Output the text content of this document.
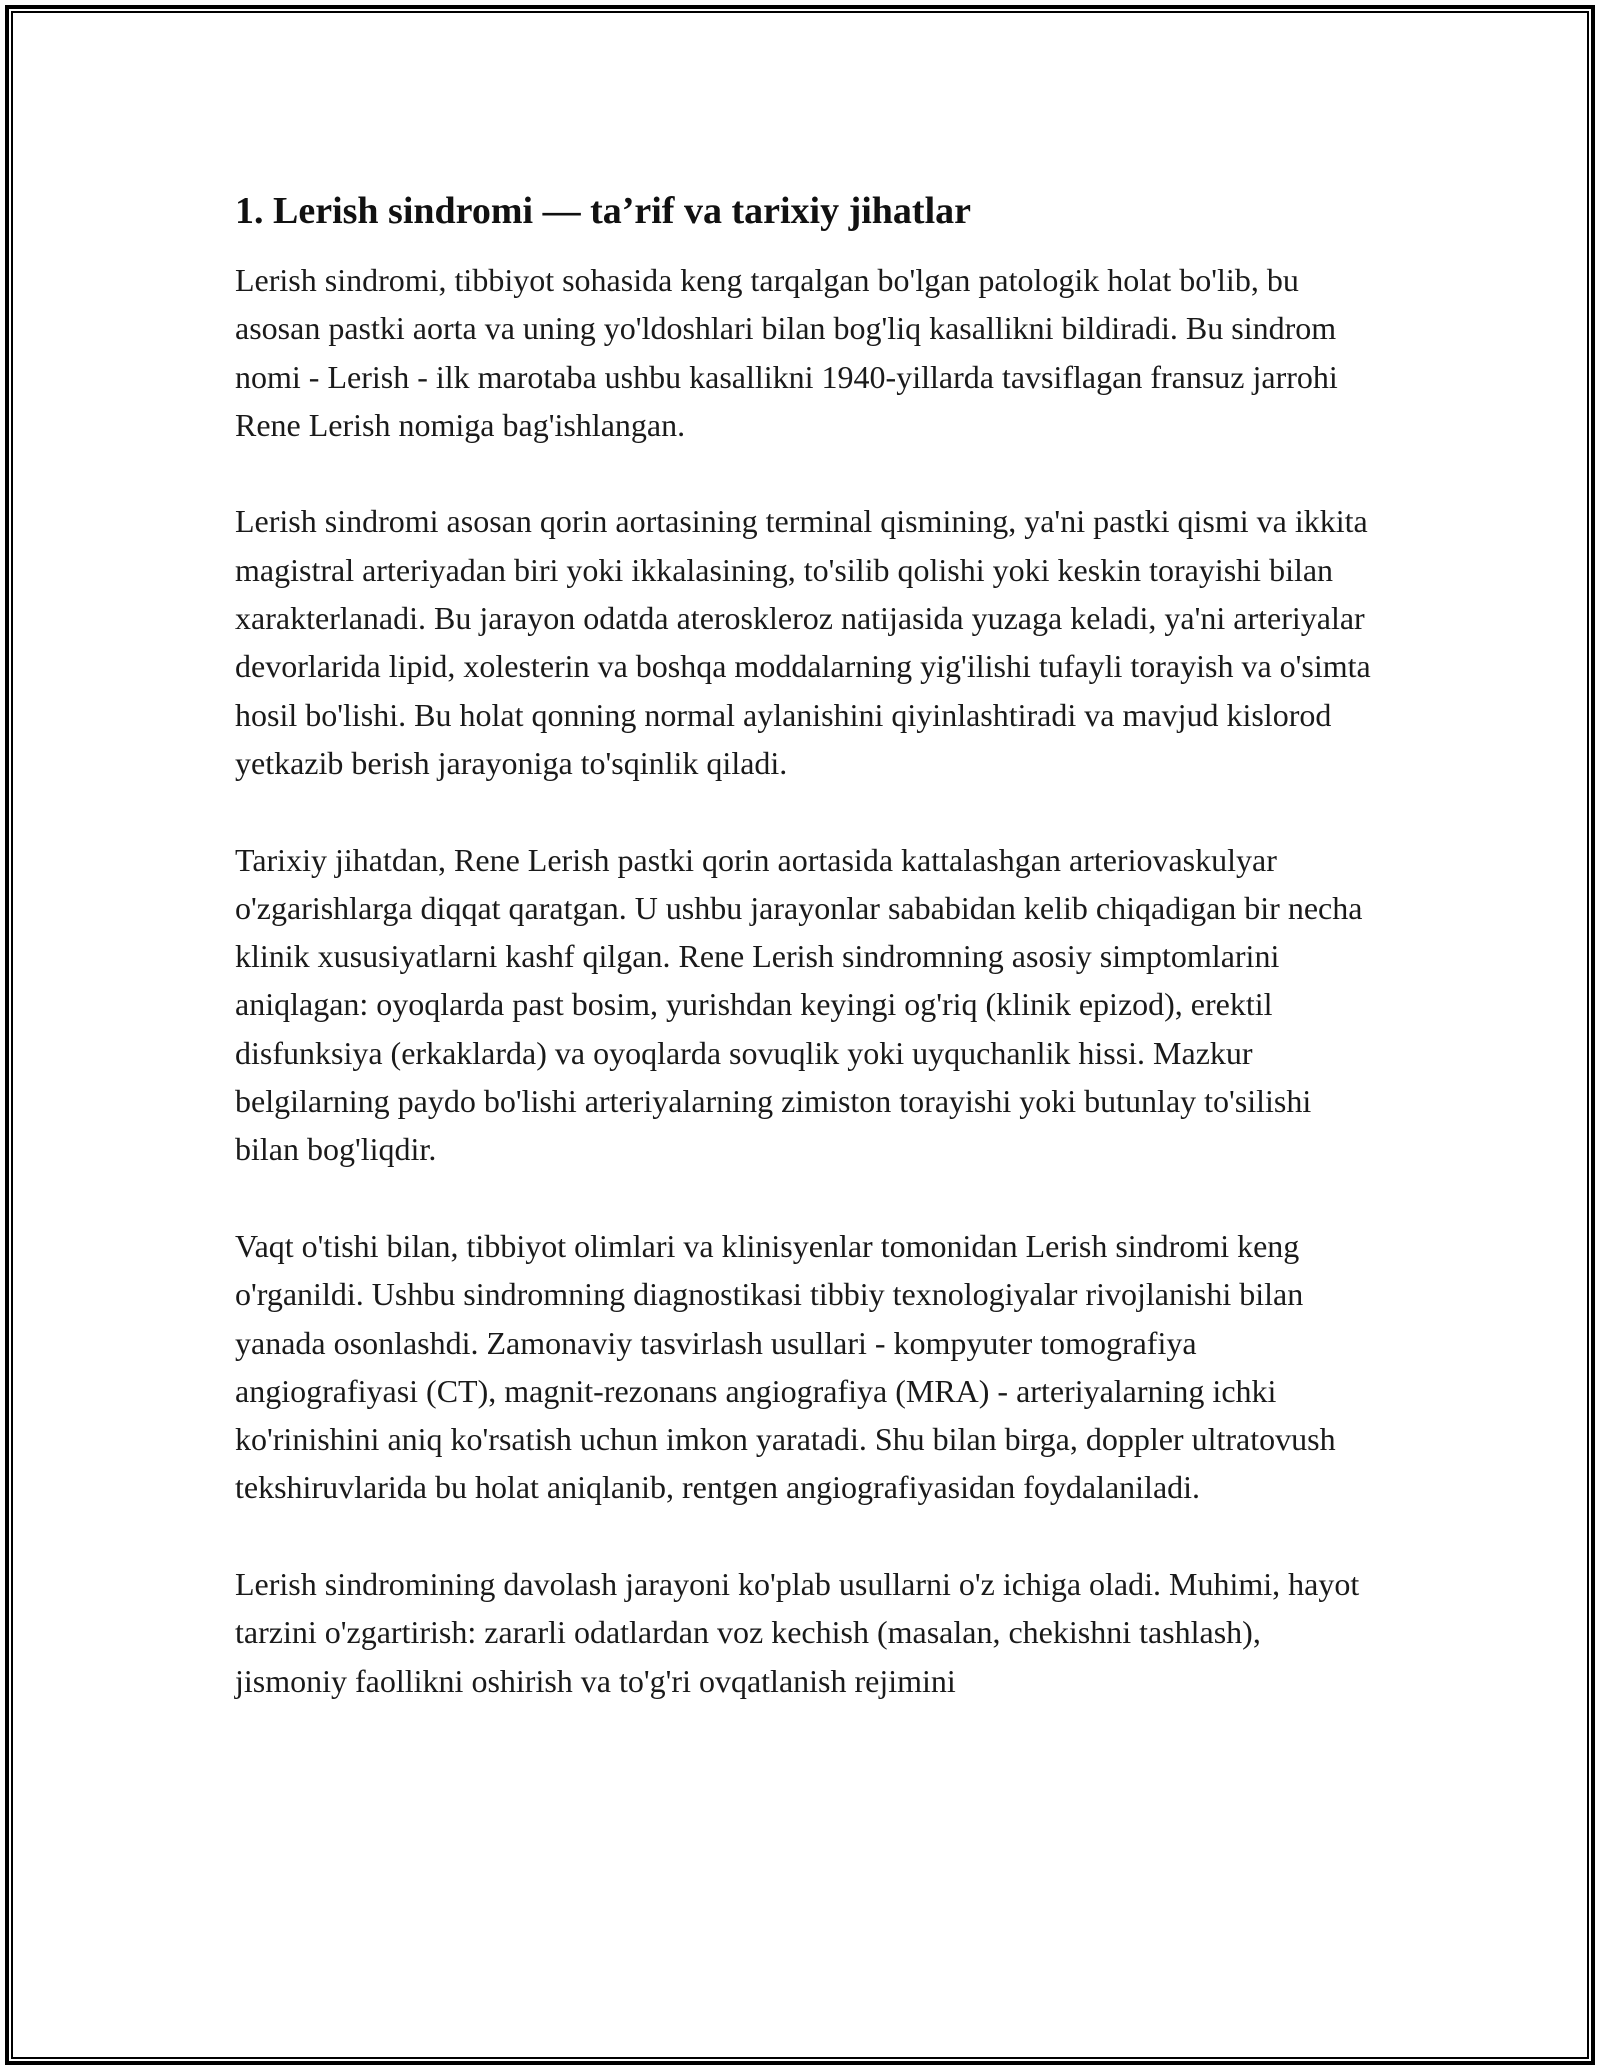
1. Lerish sindromi — ta’rif va tarixiy jihatlar

Lerish sindromi, tibbiyot sohasida keng tarqalgan bo'lgan patologik holat bo'lib, bu asosan pastki aorta va uning yo'ldoshlari bilan bog'liq kasallikni bildiradi. Bu sindrom nomi - Lerish - ilk marotaba ushbu kasallikni 1940-yillarda tavsiflagan fransuz jarrohi Rene Lerish nomiga bag'ishlangan.

Lerish sindromi asosan qorin aortasining terminal qismining, ya'ni pastki qismi va ikkita magistral arteriyadan biri yoki ikkalasining, to'silib qolishi yoki keskin torayishi bilan xarakterlanadi. Bu jarayon odatda ateroskleroz natijasida yuzaga keladi, ya'ni arteriyalar devorlarida lipid, xolesterin va boshqa moddalarning yig'ilishi tufayli torayish va o'simta hosil bo'lishi. Bu holat qonning normal aylanishini qiyinlashtiradi va mavjud kislorod yetkazib berish jarayoniga to'sqinlik qiladi.

Tarixiy jihatdan, Rene Lerish pastki qorin aortasida kattalashgan arteriovaskulyar o'zgarishlarga diqqat qaratgan. U ushbu jarayonlar sababidan kelib chiqadigan bir necha klinik xususiyatlarni kashf qilgan. Rene Lerish sindromning asosiy simptomlarini aniqlagan: oyoqlarda past bosim, yurishdan keyingi og'riq (klinik epizod), erektil disfunksiya (erkaklarda) va oyoqlarda sovuqlik yoki uyquchanlik hissi. Mazkur belgilarning paydo bo'lishi arteriyalarning zimiston torayishi yoki butunlay to'silishi bilan bog'liqdir.

Vaqt o'tishi bilan, tibbiyot olimlari va klinisyenlar tomonidan Lerish sindromi keng o'rganildi. Ushbu sindromning diagnostikasi tibbiy texnologiyalar rivojlanishi bilan yanada osonlashdi. Zamonaviy tasvirlash usullari - kompyuter tomografiya angiografiyasi (CT), magnit-rezonans angiografiya (MRA) - arteriyalarning ichki ko'rinishini aniq ko'rsatish uchun imkon yaratadi. Shu bilan birga, doppler ultratovush tekshiruvlarida bu holat aniqlanib, rentgen angiografiyasidan foydalaniladi.

Lerish sindromining davolash jarayoni ko'plab usullarni o'z ichiga oladi. Muhimi, hayot tarzini o'zgartirish: zararli odatlardan voz kechish (masalan, chekishni tashlash), jismoniy faollikni oshirish va to'g'ri ovqatlanish rejimini
